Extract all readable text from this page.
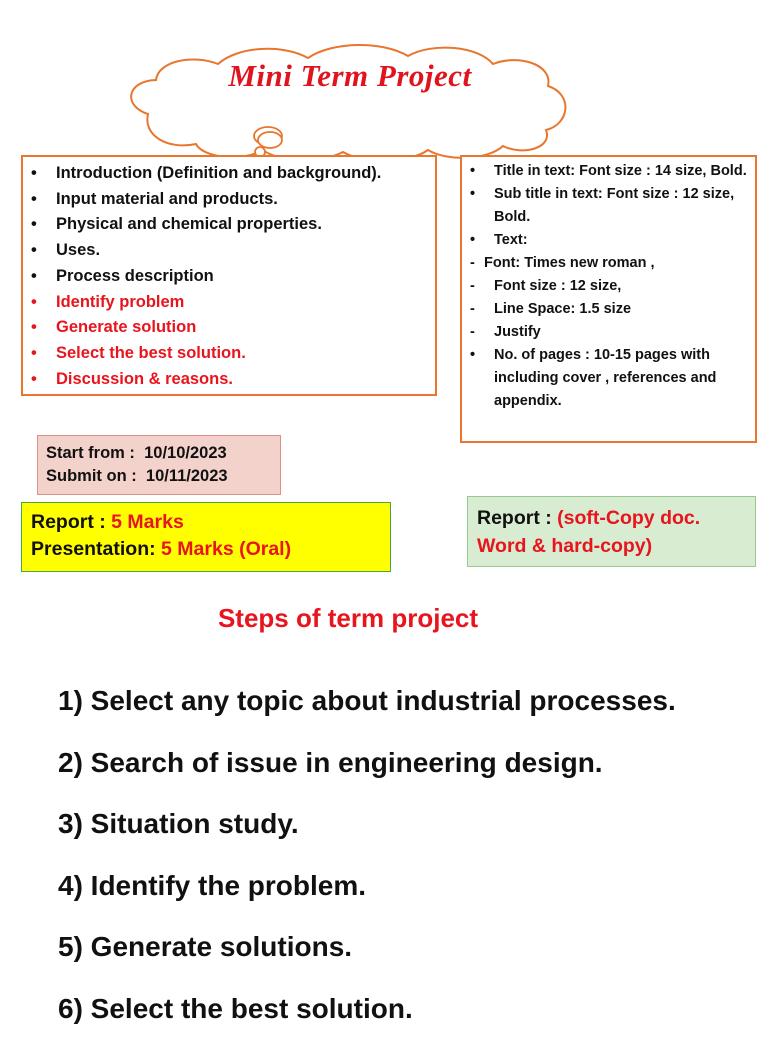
Mini Term Project
• Introduction (Definition and background).
• Input material and products.
• Physical and chemical properties.
• Uses.
• Process description
• Identify problem
• Generate solution
• Select the best solution.
• Discussion & reasons.
• Title in text: Font size : 14 size, Bold.
• Sub title in text: Font size : 12 size, Bold.
• Text:
- Font: Times new roman ,
- Font size : 12 size,
- Line Space: 1.5 size
- Justify
• No. of pages : 10-15 pages with including cover , references and appendix.
Start from : 10/10/2023
Submit on : 10/11/2023
Report : 5 Marks
Presentation: 5 Marks (Oral)
Report : (soft-Copy doc. Word & hard-copy)
Steps of term project
1) Select any topic about industrial processes.
2) Search of issue in engineering design.
3) Situation study.
4) Identify the problem.
5) Generate solutions.
6) Select the best solution.
